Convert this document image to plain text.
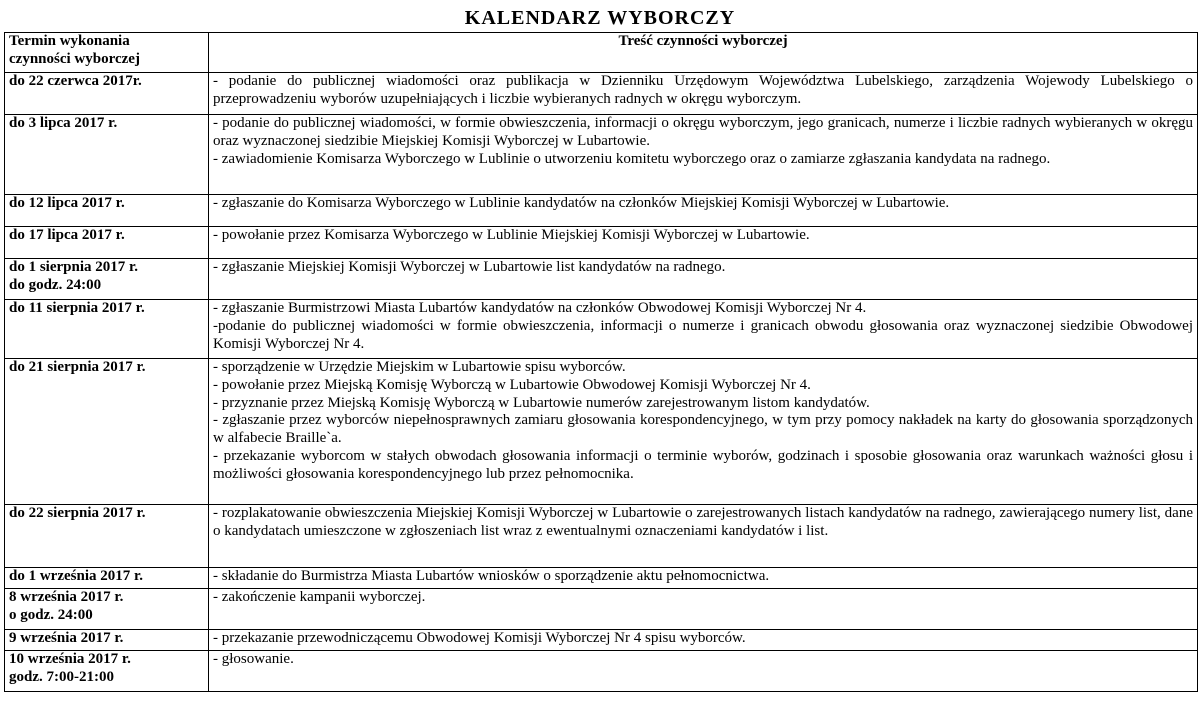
KALENDARZ WYBORCZY
Termin wykonania
czynności wyborczej	Treść czynności wyborczej

do 22 czerwca 2017r.	- podanie do publicznej wiadomości oraz publikacja w Dzienniku Urzędowym Województwa Lubelskiego, zarządzenia Wojewody Lubelskiego o przeprowadzeniu wyborów uzupełniających i liczbie wybieranych radnych w okręgu wyborczym.

do 3 lipca 2017 r.	- podanie do publicznej wiadomości, w formie obwieszczenia, informacji o okręgu wyborczym, jego granicach, numerze i liczbie radnych wybieranych w okręgu oraz wyznaczonej siedzibie Miejskiej Komisji Wyborczej w Lubartowie.
- zawiadomienie Komisarza Wyborczego w Lublinie o utworzeniu komitetu wyborczego oraz o zamiarze zgłaszania kandydata na radnego.

do 12 lipca 2017 r.	- zgłaszanie do Komisarza Wyborczego w Lublinie kandydatów na członków Miejskiej Komisji Wyborczej w Lubartowie.

do 17 lipca 2017 r.	- powołanie przez Komisarza Wyborczego w Lublinie Miejskiej Komisji Wyborczej w Lubartowie.

do 1 sierpnia 2017 r.
do godz. 24:00	- zgłaszanie Miejskiej Komisji Wyborczej w Lubartowie list kandydatów na radnego.

do 11 sierpnia 2017 r.	- zgłaszanie Burmistrzowi Miasta Lubartów kandydatów na członków Obwodowej Komisji Wyborczej Nr 4.
-podanie do publicznej wiadomości w formie obwieszczenia, informacji o numerze i granicach obwodu głosowania oraz wyznaczonej siedzibie Obwodowej Komisji Wyborczej Nr 4.

do 21 sierpnia 2017 r.	- sporządzenie w Urzędzie Miejskim w Lubartowie spisu wyborców.
- powołanie przez Miejską Komisję Wyborczą w Lubartowie Obwodowej Komisji Wyborczej Nr 4.
- przyznanie przez Miejską Komisję Wyborczą w Lubartowie numerów zarejestrowanym listom kandydatów.
- zgłaszanie przez wyborców niepełnosprawnych zamiaru głosowania korespondencyjnego, w tym przy pomocy nakładek na karty do głosowania sporządzonych w alfabecie Braille`a.
- przekazanie wyborcom w stałych obwodach głosowania informacji o terminie wyborów, godzinach i sposobie głosowania oraz warunkach ważności głosu i możliwości głosowania korespondencyjnego lub przez pełnomocnika.

do 22 sierpnia 2017 r.	- rozplakatowanie obwieszczenia Miejskiej Komisji Wyborczej w Lubartowie o zarejestrowanych listach kandydatów na radnego, zawierającego numery list, dane o kandydatach umieszczone w zgłoszeniach list wraz z ewentualnymi oznaczeniami kandydatów i list.

do 1 września 2017 r.	- składanie do Burmistrza Miasta Lubartów wniosków o sporządzenie aktu pełnomocnictwa.

8 września 2017 r.
o godz. 24:00	- zakończenie kampanii wyborczej.

9 września 2017 r.	- przekazanie przewodniczącemu Obwodowej Komisji Wyborczej Nr 4 spisu wyborców.

10 września 2017 r.
godz. 7:00-21:00	- głosowanie.
